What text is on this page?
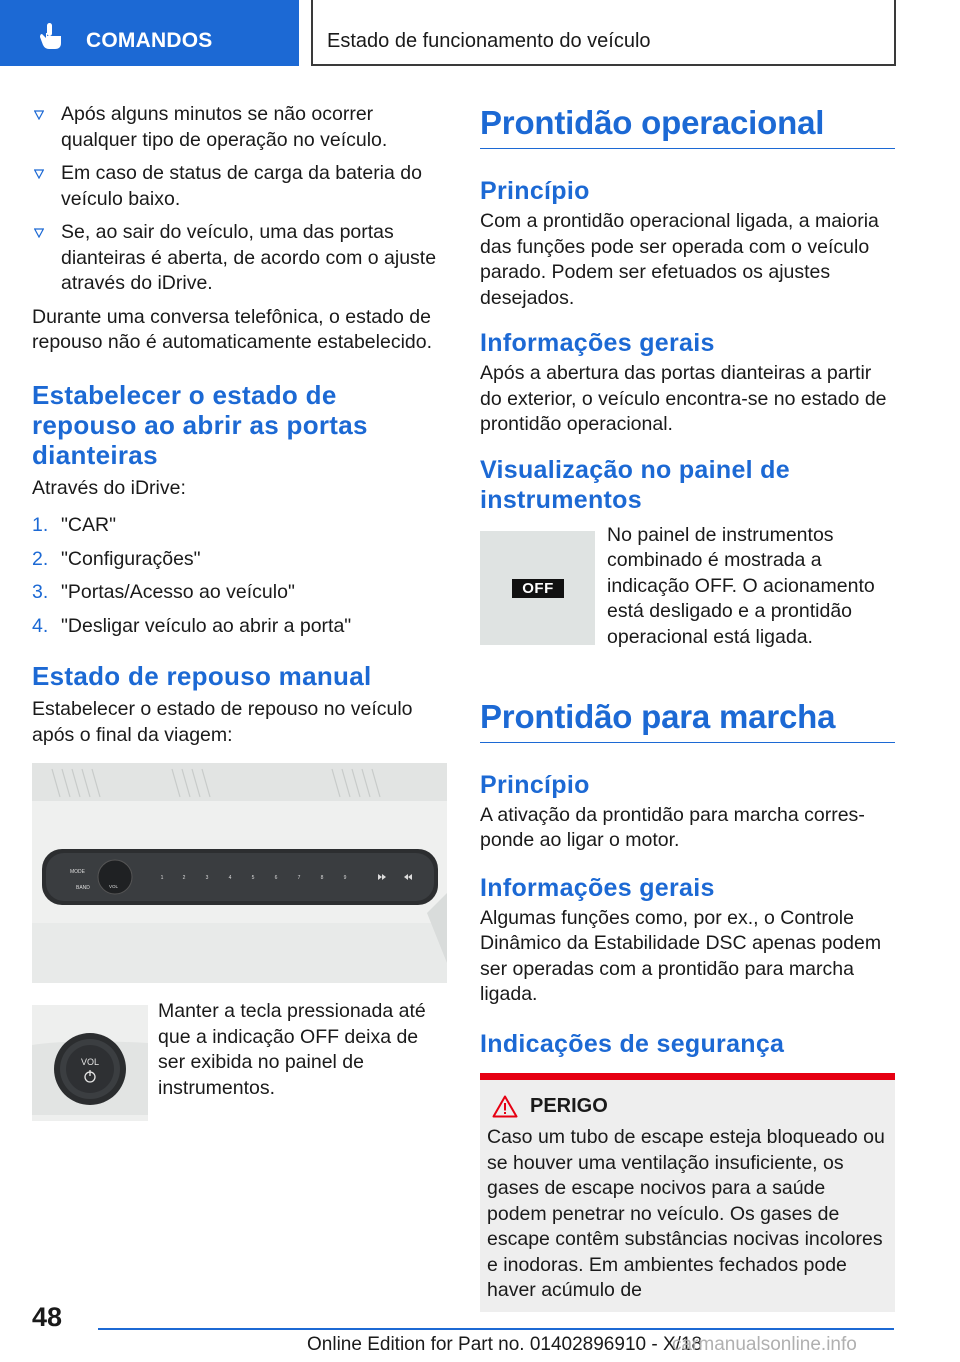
COMANDOS	Estado de funcionamento do veículo
Após alguns minutos se não ocorrer qualquer tipo de operação no veículo.
Em caso de status de carga da bateria do veículo baixo.
Se, ao sair do veículo, uma das portas dianteiras é aberta, de acordo com o ajuste através do iDrive.

Durante uma conversa telefônica, o estado de repouso não é automaticamente estabelecido.

Estabelecer o estado de repouso ao abrir as portas dianteiras

Através do iDrive:

1. "CAR"
2. "Configurações"
3. "Portas/Acesso ao veículo"
4. "Desligar veículo ao abrir a porta"
Estado de repouso manual

Estabelecer o estado de repouso no veículo após o final da viagem:

MODE
BAND	VOL
1	2	3	4	5	6	7	8	9
VOL

Manter a tecla pressionada até que a indicação OFF deixa de ser exibida no painel de instrumentos.

Prontidão operacional
Princípio

Com a prontidão operacional ligada, a maioria das funções pode ser operada com o veículo parado. Podem ser efetuados os ajustes desejados.

Informações gerais

Após a abertura das portas dianteiras a partir do exterior, o veículo encontra-se no estado de prontidão operacional.

Visualização no painel de instrumentos
OFF

No painel de instrumentos combinado é mostrada a indicação OFF. O acionamento está desligado e a prontidão operacional está ligada.

Prontidão para marcha
Princípio

A ativação da prontidão para marcha corresponde ao ligar o motor.

Informações gerais

Algumas funções como, por ex., o Controle Dinâmico da Estabilidade DSC apenas podem ser operadas com a prontidão para marcha ligada.

Indicações de segurança
PERIGO

Caso um tubo de escape esteja bloqueado ou se houver uma ventilação insuficiente, os gases de escape nocivos para a saúde podem penetrar no veículo. Os gases de escape contêm substâncias nocivas incolores e inodoras. Em ambientes fechados pode haver acúmulo de

48
Online Edition for Part no. 01402896910 - X/18
carmanualsonline.info
